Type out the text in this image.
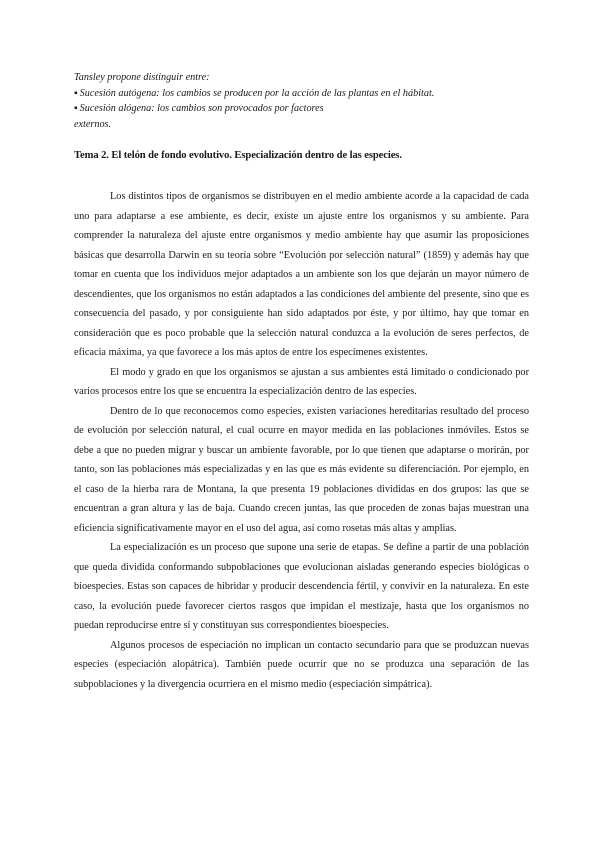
Tansley propone distinguir entre:

▪ Sucesión autógena: los cambios se producen por la acción de las plantas en el hábitat.

▪ Sucesión alógena: los cambios son provocados por factores

externos.

Tema 2. El telón de fondo evolutivo. Especialización dentro de las especies.

Los distintos tipos de organismos se distribuyen en el medio ambiente acorde a la capacidad de cada uno para adaptarse a ese ambiente, es decir, existe un ajuste entre los organismos y su ambiente. Para comprender la naturaleza del ajuste entre organismos y medio ambiente hay que asumir las proposiciones básicas que desarrolla Darwin en su teoría sobre “Evolución por selección natural” (1859) y además hay que tomar en cuenta que los individuos mejor adaptados a un ambiente son los que dejarán un mayor número de descendientes, que los organismos no están adaptados a las condiciones del ambiente del presente, sino que es consecuencia del pasado, y por consiguiente han sido adaptados por éste, y por último, hay que tomar en consideración que es poco probable que la selección natural conduzca a la evolución de seres perfectos, de eficacia máxima, ya que favorece a los más aptos de entre los especímenes existentes.

El modo y grado en que los organismos se ajustan a sus ambientes está limitado o condicionado por varios procesos entre los que se encuentra la especialización dentro de las especies.

Dentro de lo que reconocemos como especies, existen variaciones hereditarias resultado del proceso de evolución por selección natural, el cual ocurre en mayor medida en las poblaciones inmóviles. Estos se debe a que no pueden migrar y buscar un ambiente favorable, por lo que tienen que adaptarse o morirán, por tanto, son las poblaciones más especializadas y en las que es más evidente su diferenciación. Por ejemplo, en el caso de la hierba rara de Montana, la que presenta 19 poblaciones divididas en dos grupos: las que se encuentran a gran altura y las de baja. Cuando crecen juntas, las que proceden de zonas bajas muestran una eficiencia significativamente mayor en el uso del agua, así como rosetas más altas y amplias.

La especialización es un proceso que supone una serie de etapas. Se define a partir de una población que queda dividida conformando subpoblaciones que evolucionan aisladas generando especies biológicas o bioespecies. Estas son capaces de hibridar y producir descendencia fértil, y convivir en la naturaleza. En este caso, la evolución puede favorecer ciertos rasgos que impidan el mestizaje, hasta que los organismos no puedan reproducirse entre sí y constituyan sus correspondientes bioespecies.

Algunos procesos de especiación no implican un contacto secundario para que se produzcan nuevas especies (especiación alopátrica). También puede ocurrir que no se produzca una separación de las subpoblaciones y la divergencia ocurriera en el mismo medio (especiación simpátrica).
